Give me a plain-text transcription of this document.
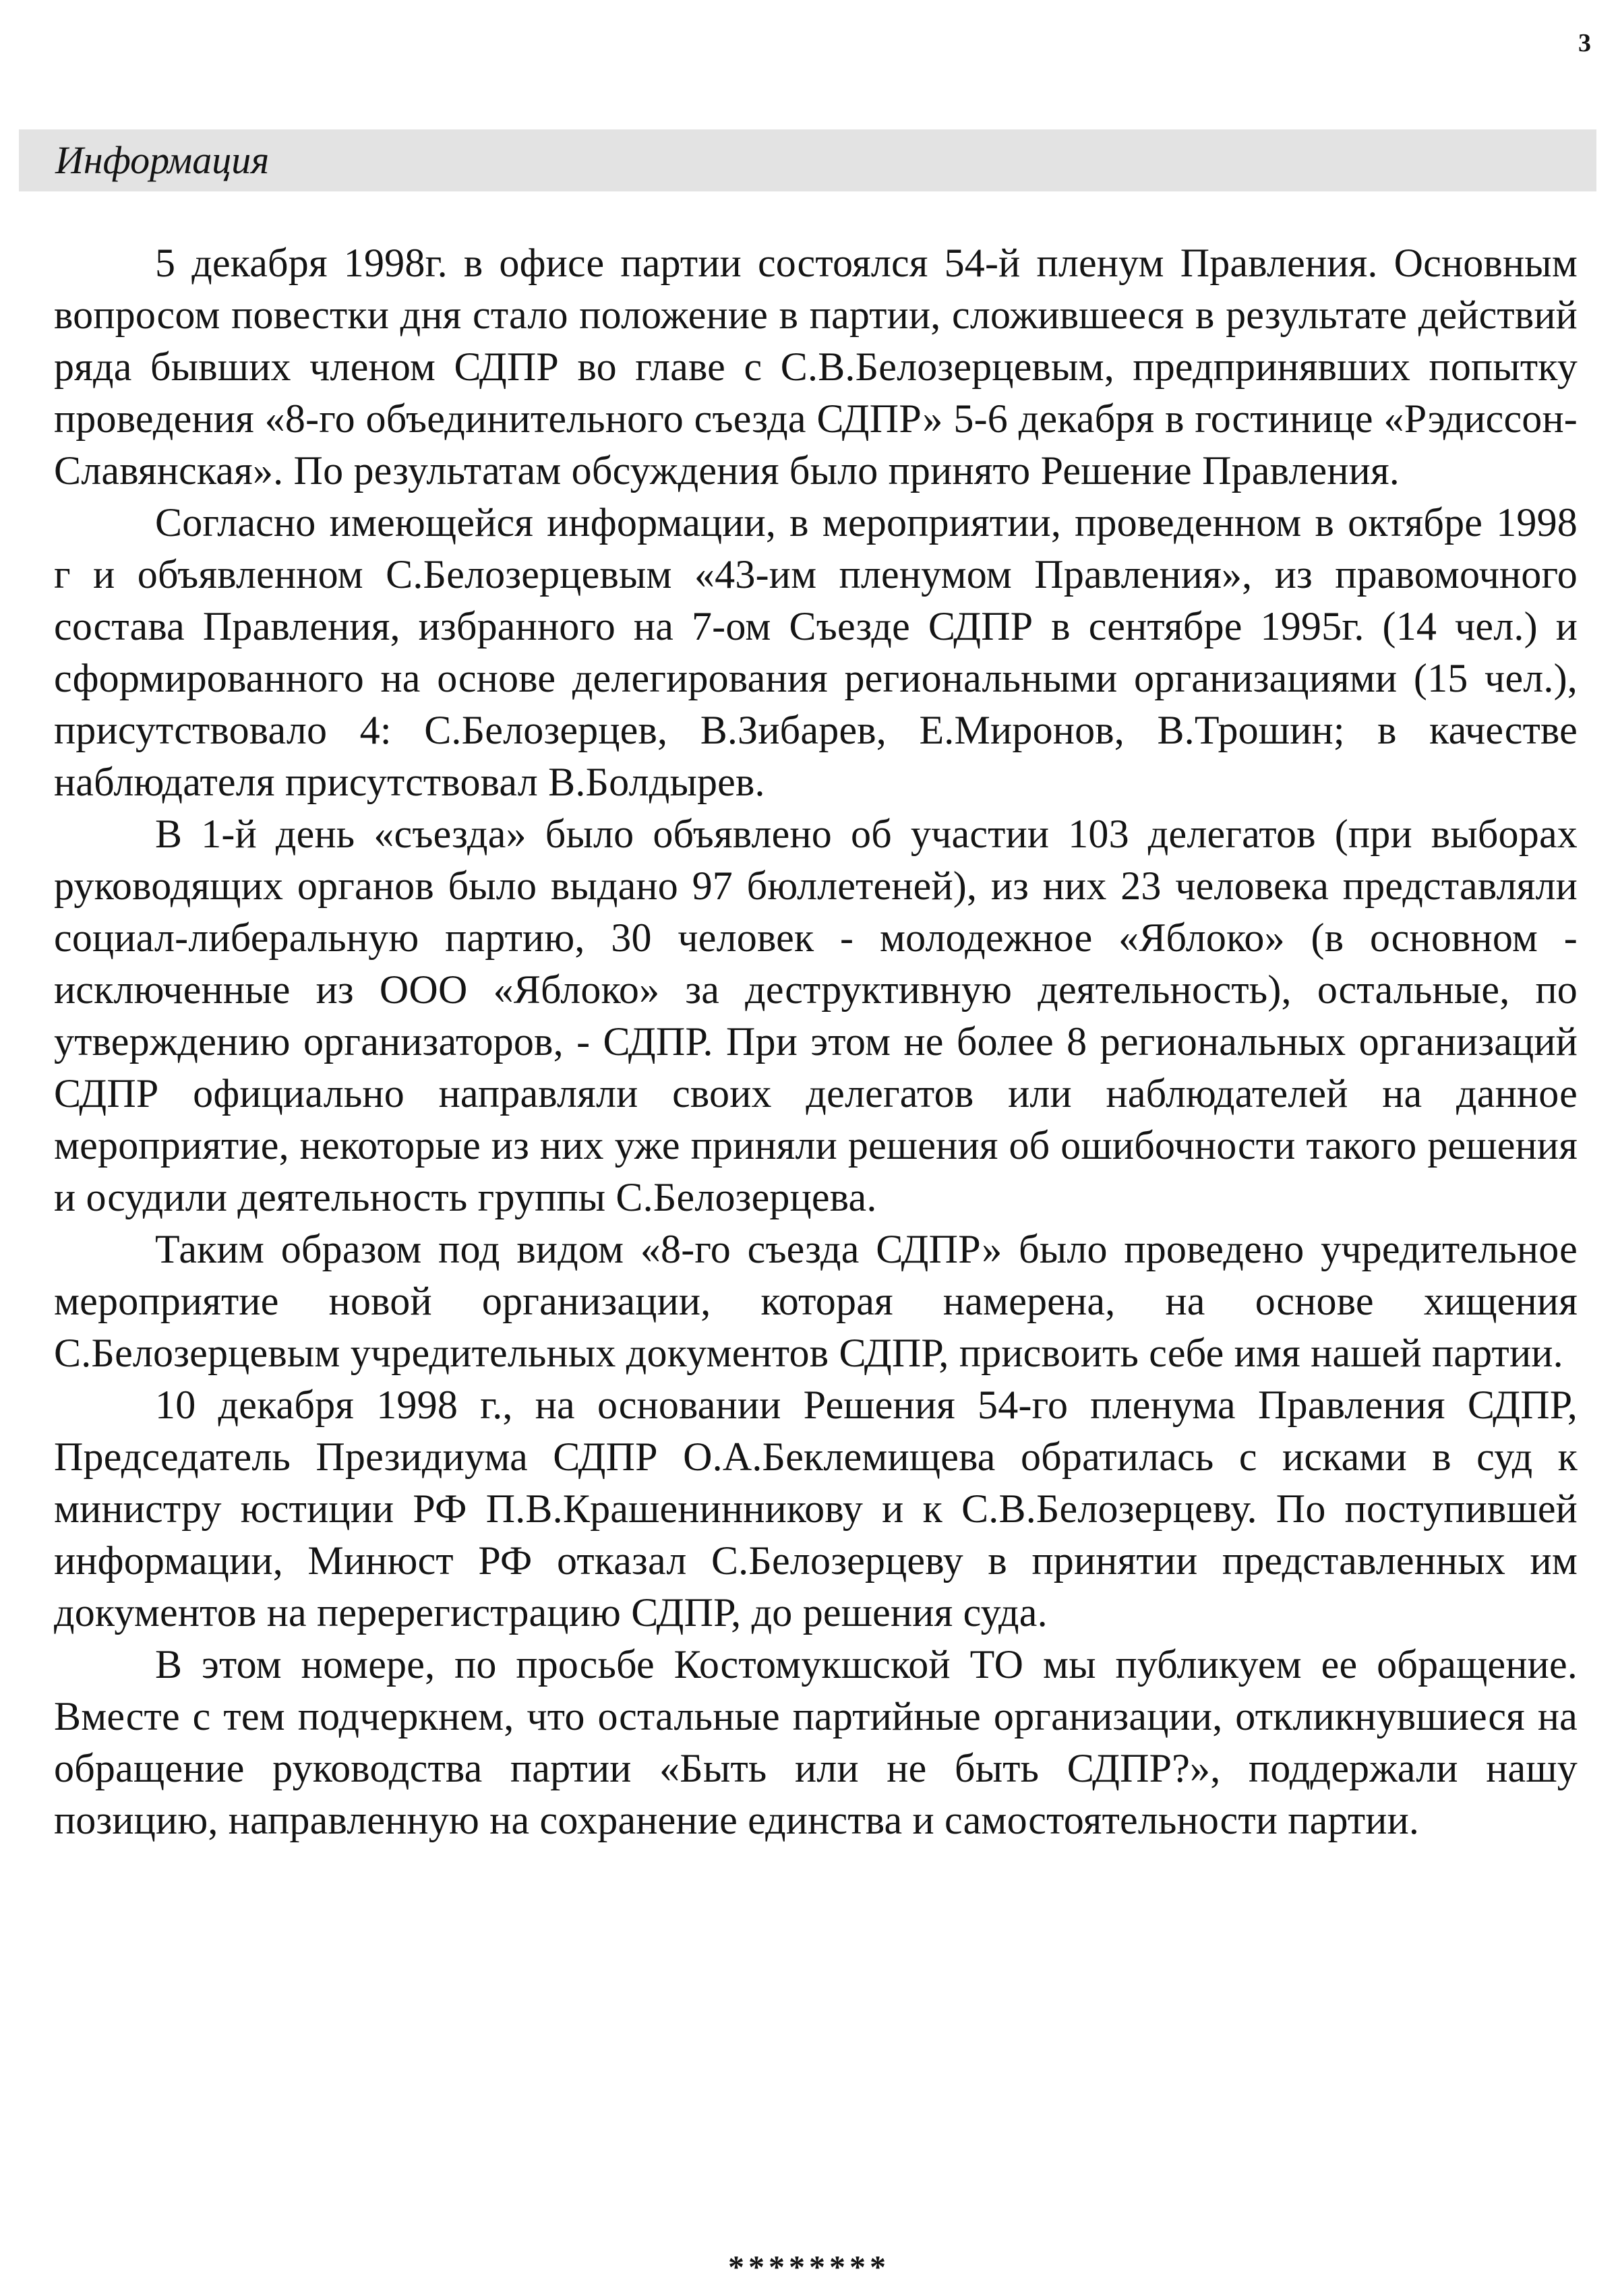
3
Информация

5 декабря 1998г. в офисе партии состоялся 54-й пленум Правления. Основным вопросом повестки дня стало положение в партии, сложившееся в результате действий ряда бывших членом СДПР во главе с С.В.Белозерцевым, предпринявших попытку проведения «8-го объединительного съезда СДПР» 5-6 декабря в гостинице «Рэдиссон-Славянская». По результатам обсуждения было принято Решение Правления.

Согласно имеющейся информации, в мероприятии, проведенном в октябре 1998 г и объявленном С.Белозерцевым «43-им пленумом Правления», из правомочного состава Правления, избранного на 7-ом Съезде СДПР в сентябре 1995г. (14 чел.) и сформированного на основе делегирования региональными организациями (15 чел.), присутствовало 4: С.Белозерцев, В.Зибарев, Е.Миронов, В.Трошин; в качестве наблюдателя присутствовал В.Болдырев.

В 1-й день «съезда» было объявлено об участии 103 делегатов (при выборах руководящих органов было выдано 97 бюллетеней), из них 23 человека представляли социал-либеральную партию, 30 человек - молодежное «Яблоко» (в основном - исключенные из ООО «Яблоко» за деструктивную деятельность), остальные, по утверждению организаторов, - СДПР. При этом не более 8 региональных организаций СДПР официально направляли своих делегатов или наблюдателей на данное мероприятие, некоторые из них уже приняли решения об ошибочности такого решения и осудили деятельность группы С.Белозерцева.

Таким образом под видом «8-го съезда СДПР» было проведено учредительное мероприятие новой организации, которая намерена, на основе хищения С.Белозерцевым учредительных документов СДПР, присвоить себе имя нашей партии.

10 декабря 1998 г., на основании Решения 54-го пленума Правления СДПР, Председатель Президиума СДПР О.А.Беклемищева обратилась с исками в суд к министру юстиции РФ П.В.Крашенинникову и к С.В.Белозерцеву. По поступившей информации, Минюст РФ отказал С.Белозерцеву в принятии представленных им документов на перерегистрацию СДПР, до решения суда.

В этом номере, по просьбе Костомукшской ТО мы публикуем ее обращение. Вместе с тем подчеркнем, что остальные партийные организации, откликнувшиеся на обращение руководства партии «Быть или не быть СДПР?», поддержали нашу позицию, направленную на сохранение единства и самостоятельности партии.

********
